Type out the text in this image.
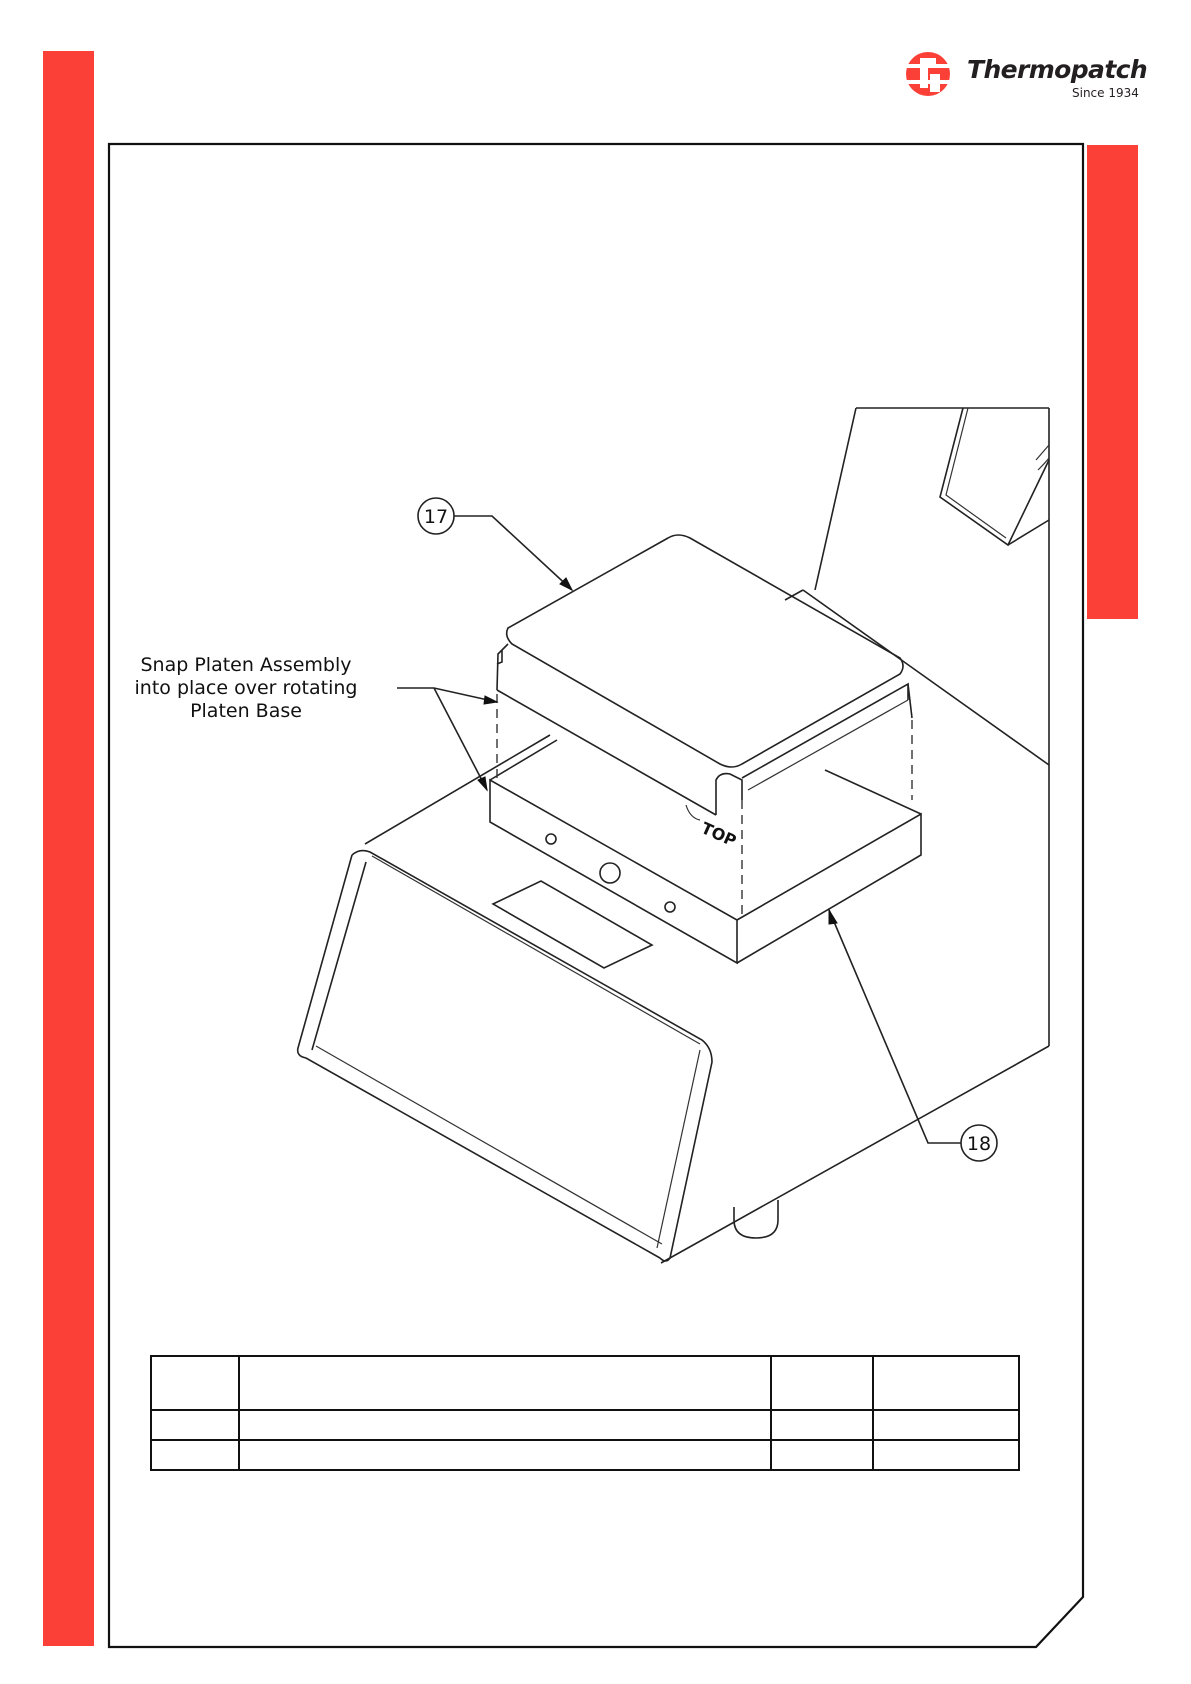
Thermopatch
Since 1934
TOP
17
18
Snap Platen Assembly
into place over rotating
Platen Base
